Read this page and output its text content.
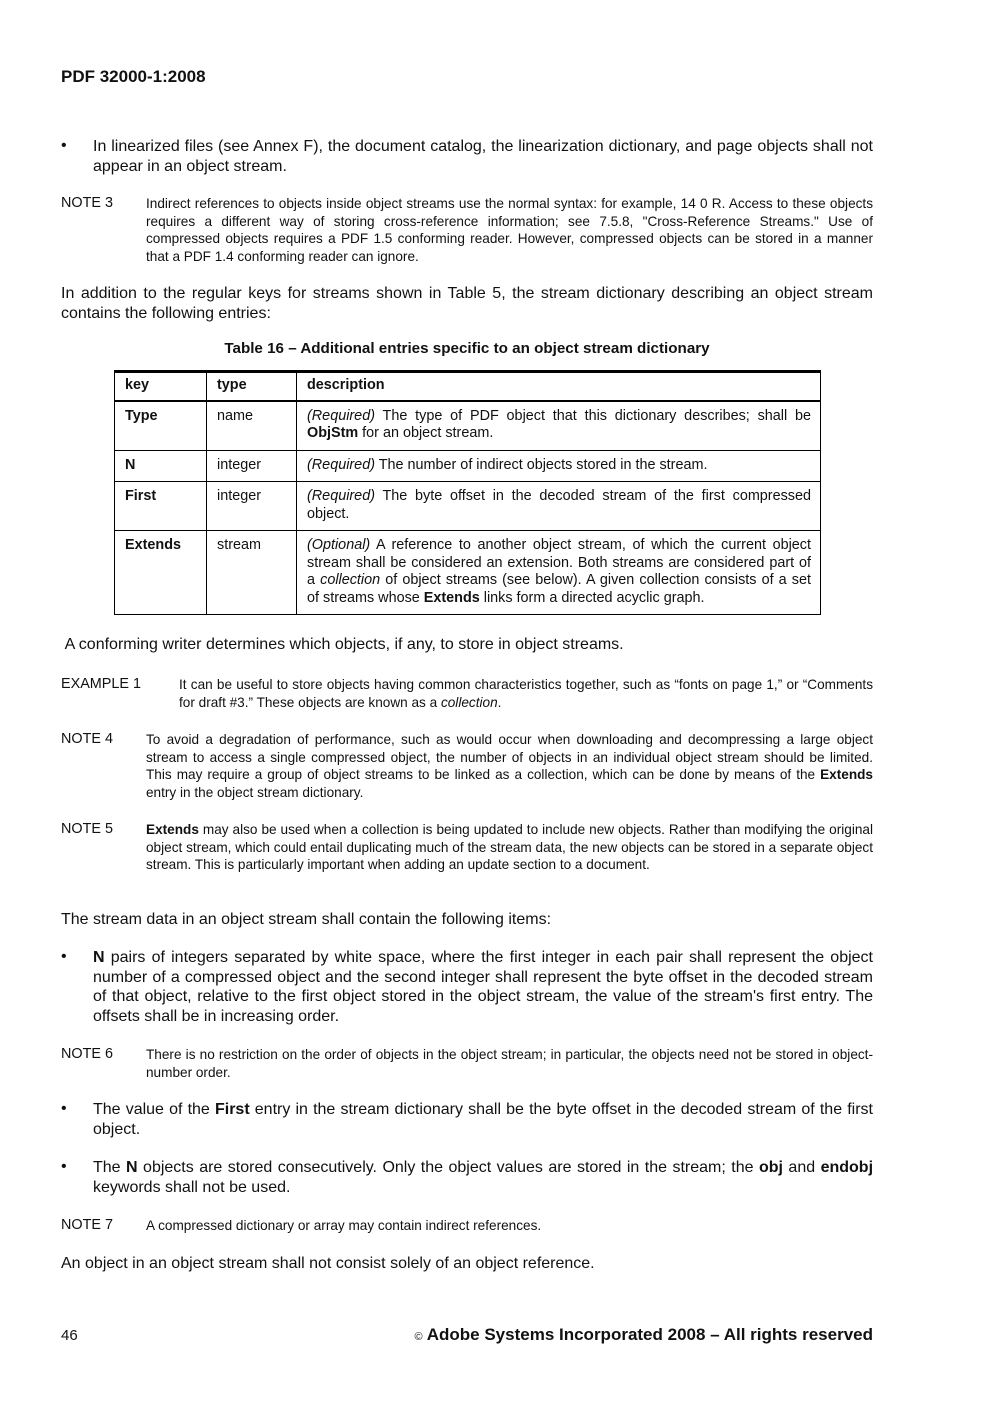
PDF 32000-1:2008
• In linearized files (see Annex F), the document catalog, the linearization dictionary, and page objects shall not appear in an object stream.
NOTE 3 Indirect references to objects inside object streams use the normal syntax: for example, 14 0 R. Access to these objects requires a different way of storing cross-reference information; see 7.5.8, "Cross-Reference Streams." Use of compressed objects requires a PDF 1.5 conforming reader. However, compressed objects can be stored in a manner that a PDF 1.4 conforming reader can ignore.
In addition to the regular keys for streams shown in Table 5, the stream dictionary describing an object stream contains the following entries:
Table 16 – Additional entries specific to an object stream dictionary
key	type	description
Type	name	(Required) The type of PDF object that this dictionary describes; shall be ObjStm for an object stream.
N	integer	(Required) The number of indirect objects stored in the stream.
First	integer	(Required) The byte offset in the decoded stream of the first compressed object.
Extends	stream	(Optional) A reference to another object stream, of which the current object stream shall be considered an extension. Both streams are considered part of a collection of object streams (see below). A given collection consists of a set of streams whose Extends links form a directed acyclic graph.
A conforming writer determines which objects, if any, to store in object streams.
EXAMPLE 1	It can be useful to store objects having common characteristics together, such as “fonts on page 1,” or “Comments for draft #3.” These objects are known as a collection.
NOTE 4 To avoid a degradation of performance, such as would occur when downloading and decompressing a large object stream to access a single compressed object, the number of objects in an individual object stream should be limited. This may require a group of object streams to be linked as a collection, which can be done by means of the Extends entry in the object stream dictionary.
NOTE 5 Extends may also be used when a collection is being updated to include new objects. Rather than modifying the original object stream, which could entail duplicating much of the stream data, the new objects can be stored in a separate object stream. This is particularly important when adding an update section to a document.
The stream data in an object stream shall contain the following items:
• N pairs of integers separated by white space, where the first integer in each pair shall represent the object number of a compressed object and the second integer shall represent the byte offset in the decoded stream of that object, relative to the first object stored in the object stream, the value of the stream's first entry. The offsets shall be in increasing order.
NOTE 6 There is no restriction on the order of objects in the object stream; in particular, the objects need not be stored in object-number order.
• The value of the First entry in the stream dictionary shall be the byte offset in the decoded stream of the first object.
• The N objects are stored consecutively. Only the object values are stored in the stream; the obj and endobj keywords shall not be used.
NOTE 7 A compressed dictionary or array may contain indirect references.
An object in an object stream shall not consist solely of an object reference.
46	© Adobe Systems Incorporated 2008 – All rights reserved
